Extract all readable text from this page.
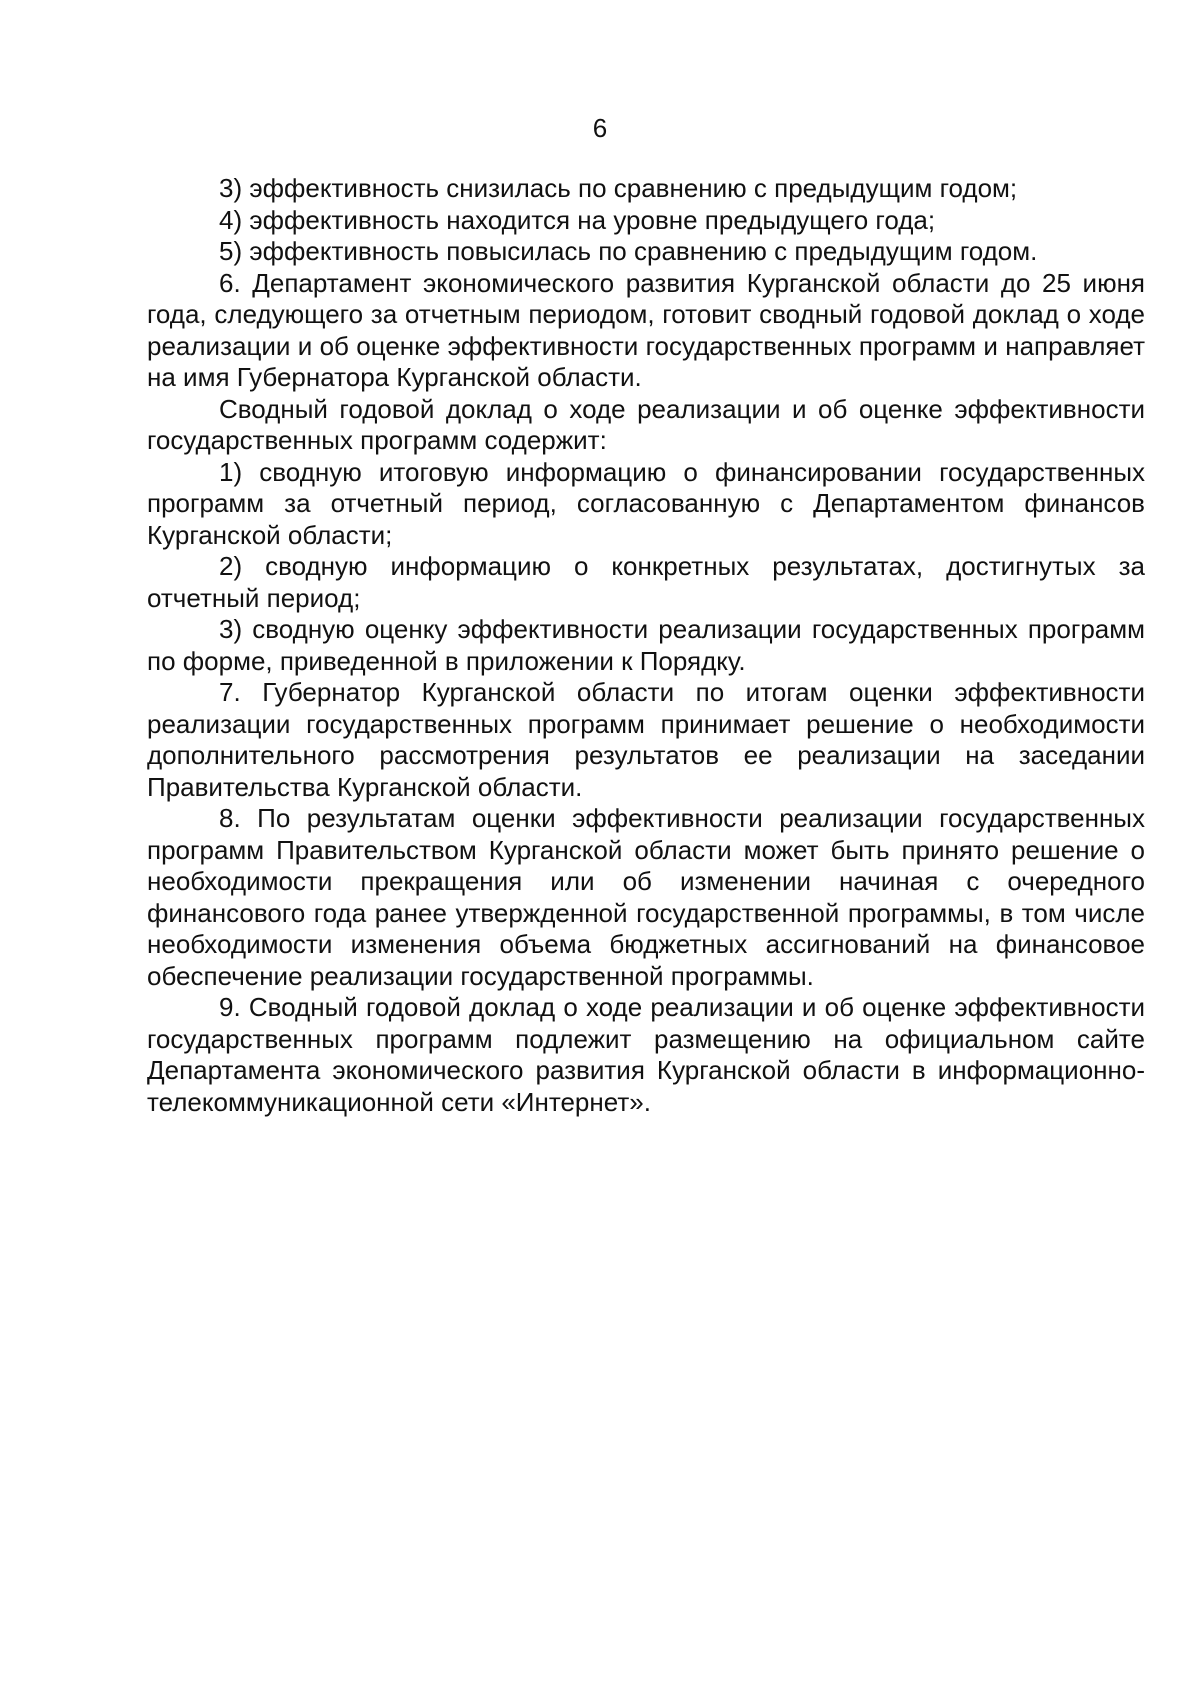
6

3) эффективность снизилась по сравнению с предыдущим годом;

4) эффективность находится на уровне предыдущего года;

5) эффективность повысилась по сравнению с предыдущим годом.

6. Департамент экономического развития Курганской области до 25 июня года, следующего за отчетным периодом, готовит сводный годовой доклад о ходе реализации и об оценке эффективности государственных программ и направляет на имя Губернатора Курганской области.

Сводный годовой доклад о ходе реализации и об оценке эффективности государственных программ содержит:

1) сводную итоговую информацию о финансировании государственных программ за отчетный период, согласованную с Департаментом финансов Курганской области;

2) сводную информацию о конкретных результатах, достигнутых за отчетный период;

3) сводную оценку эффективности реализации государственных программ по форме, приведенной в приложении к Порядку.

7. Губернатор Курганской области по итогам оценки эффективности реализации государственных программ принимает решение о необходимости дополнительного рассмотрения результатов ее реализации на заседании Правительства Курганской области.

8. По результатам оценки эффективности реализации государственных программ Правительством Курганской области может быть принято решение о необходимости прекращения или об изменении начиная с очередного финансового года ранее утвержденной государственной программы, в том числе необходимости изменения объема бюджетных ассигнований на финансовое обеспечение реализации государственной программы.

9. Сводный годовой доклад о ходе реализации и об оценке эффективности государственных программ подлежит размещению на официальном сайте Департамента экономического развития Курганской области в информационно-телекоммуникационной сети «Интернет».
